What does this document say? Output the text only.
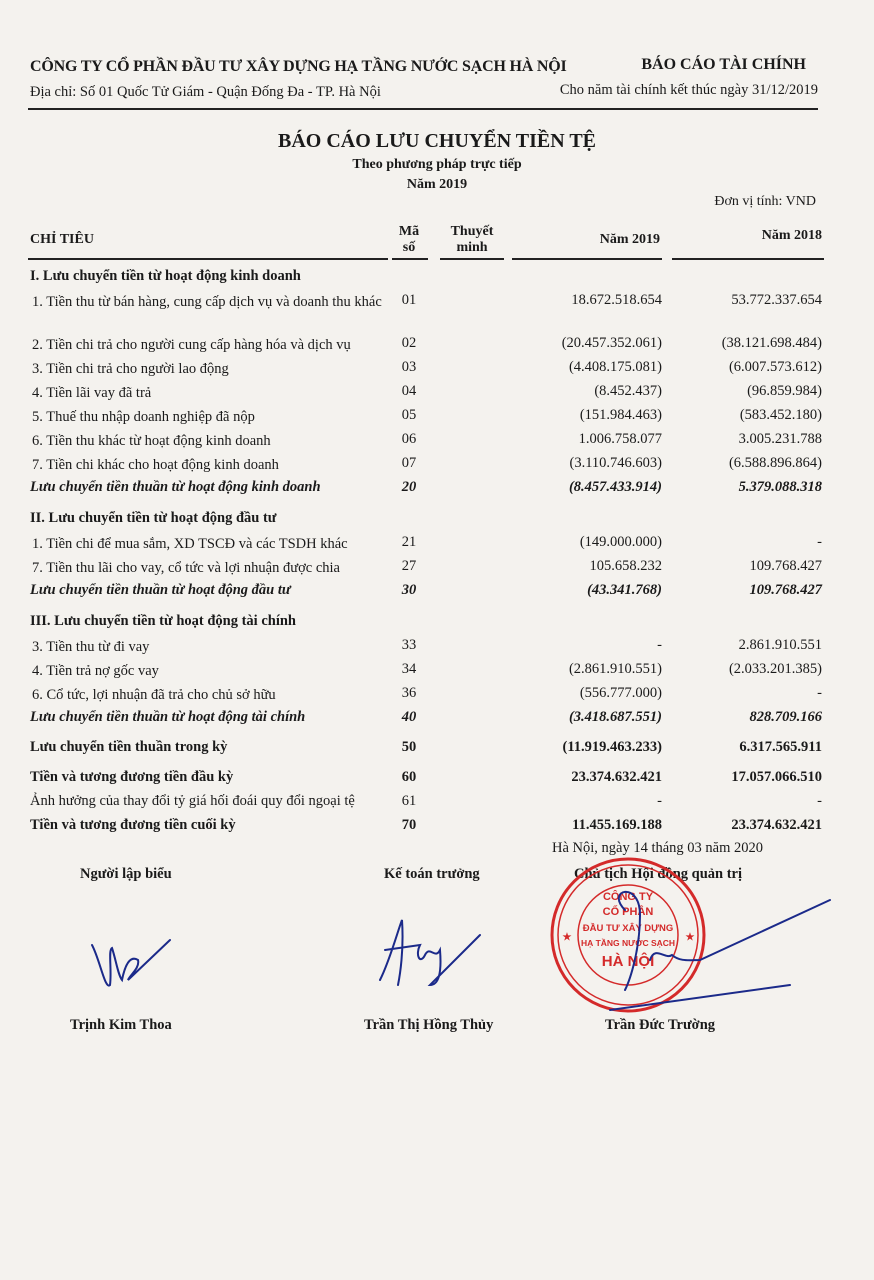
CÔNG TY CỔ PHẦN ĐẦU TƯ XÂY DỰNG HẠ TẦNG NƯỚC SẠCH HÀ NỘI	BÁO CÁO TÀI CHÍNH
Địa chỉ: Số 01 Quốc Tử Giám - Quận Đống Đa - TP. Hà Nội	Cho năm tài chính kết thúc ngày 31/12/2019
BÁO CÁO LƯU CHUYỂN TIỀN TỆ
Theo phương pháp trực tiếp
Năm 2019
Đơn vị tính: VND
CHỈ TIÊU
Mã
số
Thuyết
minh
Năm 2019	Năm 2018
I. Lưu chuyển tiền từ hoạt động kinh doanh
1. Tiền thu từ bán hàng, cung cấp dịch vụ và doanh thu khác	01	18.672.518.654	53.772.337.654
2. Tiền chi trả cho người cung cấp hàng hóa và dịch vụ	02	(20.457.352.061)	(38.121.698.484)
3. Tiền chi trả cho người lao động	03	(4.408.175.081)	(6.007.573.612)
4. Tiền lãi vay đã trả	04	(8.452.437)	(96.859.984)
5. Thuế thu nhập doanh nghiệp đã nộp	05	(151.984.463)	(583.452.180)
6. Tiền thu khác từ hoạt động kinh doanh	06	1.006.758.077	3.005.231.788
7. Tiền chi khác cho hoạt động kinh doanh	07	(3.110.746.603)	(6.588.896.864)
Lưu chuyển tiền thuần từ hoạt động kinh doanh	20	(8.457.433.914)	5.379.088.318
II. Lưu chuyển tiền từ hoạt động đầu tư
1. Tiền chi để mua sắm, XD TSCĐ và các TSDH khác	21	(149.000.000)	-
7. Tiền thu lãi cho vay, cổ tức và lợi nhuận được chia	27	105.658.232	109.768.427
Lưu chuyển tiền thuần từ hoạt động đầu tư	30	(43.341.768)	109.768.427
III. Lưu chuyển tiền từ hoạt động tài chính
3. Tiền thu từ đi vay	33	-	2.861.910.551
4. Tiền trả nợ gốc vay	34	(2.861.910.551)	(2.033.201.385)
6. Cổ tức, lợi nhuận đã trả cho chủ sở hữu	36	(556.777.000)	-
Lưu chuyển tiền thuần từ hoạt động tài chính	40	(3.418.687.551)	828.709.166
Lưu chuyển tiền thuần trong kỳ	50	(11.919.463.233)	6.317.565.911
Tiền và tương đương tiền đầu kỳ	60	23.374.632.421	17.057.066.510
Ảnh hưởng của thay đổi tỷ giá hối đoái quy đổi ngoại tệ	61	-	-
Tiền và tương đương tiền cuối kỳ	70	11.455.169.188	23.374.632.421
Hà Nội, ngày 14 tháng 03 năm 2020
Người lập biểu	Kế toán trưởng	Chủ tịch Hội đồng quản trị
CÔNG TY
CỔ PHẦN
ĐẦU TƯ XÂY DỰNG
HẠ TẦNG NƯỚC SẠCH
HÀ NỘI
★	★
Trịnh Kim Thoa	Trần Thị Hồng Thủy	Trần Đức Trường
